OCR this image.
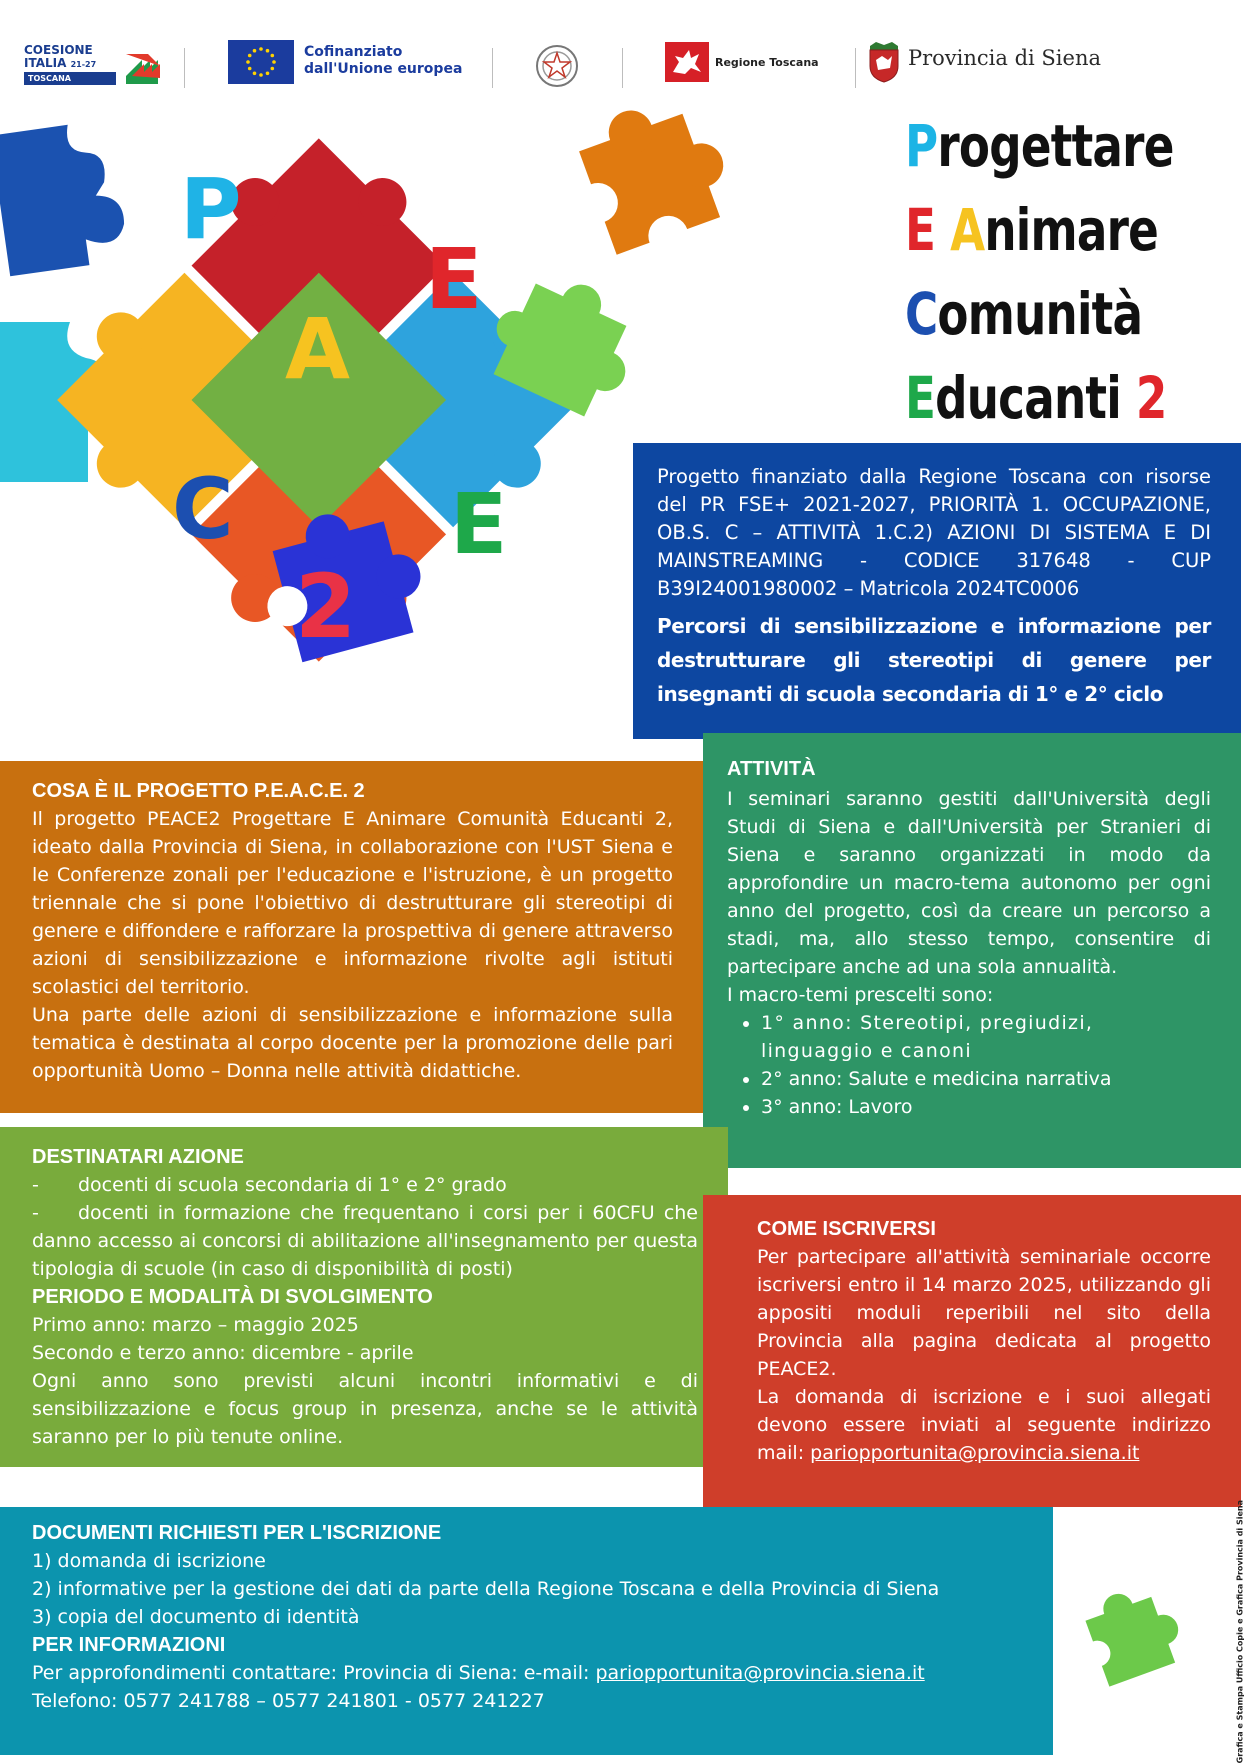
COESIONE
ITALIA 21-27
TOSCANA
Cofinanziato
dall'Unione europea	Regione Toscana	Provincia di Siena
P
E
A
C	E
2
Progettare
E Animare
Comunità
Educanti 2

Progetto finanziato dalla Regione Toscana con risorse del PR FSE+ 2021-2027, PRIORITÀ 1. OCCUPAZIONE, OB.S. C – ATTIVITÀ 1.C.2) AZIONI DI SISTEMA E DI MAINSTREAMING - CODICE 317648 - CUP B39I24001980002 – Matricola 2024TC0006

Percorsi di sensibilizzazione e informazione per destrutturare gli stereotipi di genere per insegnanti di scuola secondaria di 1° e 2° ciclo

ATTIVITÀ

I seminari saranno gestiti dall'Università degli Studi di Siena e dall'Università per Stranieri di Siena e saranno organizzati in modo da approfondire un macro-tema autonomo per ogni anno del progetto, così da creare un percorso a stadi, ma, allo stesso tempo, consentire di partecipare anche ad una sola annualità.

I macro-temi prescelti sono:

• 1° anno: Stereotipi, pregiudizi, linguaggio e canoni
• 2° anno: Salute e medicina narrativa
• 3° anno: Lavoro
COSA È IL PROGETTO P.E.A.C.E. 2

Il progetto PEACE2 Progettare E Animare Comunità Educanti 2, ideato dalla Provincia di Siena, in collaborazione con l'UST Siena e le Conferenze zonali per l'educazione e l'istruzione, è un progetto triennale che si pone l'obiettivo di destrutturare gli stereotipi di genere e diffondere e rafforzare la prospettiva di genere attraverso azioni di sensibilizzazione e informazione rivolte agli istituti scolastici del territorio.

Una parte delle azioni di sensibilizzazione e informazione sulla tematica è destinata al corpo docente per la promozione delle pari opportunità Uomo – Donna nelle attività didattiche.

DESTINATARI AZIONE

- docenti di scuola secondaria di 1° e 2° grado

- docenti in formazione che frequentano i corsi per i 60CFU che danno accesso ai concorsi di abilitazione all'insegnamento per questa tipologia di scuole (in caso di disponibilità di posti)

PERIODO E MODALITÀ DI SVOLGIMENTO

Primo anno: marzo – maggio 2025

Secondo e terzo anno: dicembre - aprile

Ogni anno sono previsti alcuni incontri informativi e di sensibilizzazione e focus group in presenza, anche se le attività saranno per lo più tenute online.

COME ISCRIVERSI

Per partecipare all'attività seminariale occorre iscriversi entro il 14 marzo 2025, utilizzando gli appositi moduli reperibili nel sito della Provincia alla pagina dedicata al progetto PEACE2.

La domanda di iscrizione e i suoi allegati devono essere inviati al seguente indirizzo mail: pariopportunita@provincia.siena.it

DOCUMENTI RICHIESTI PER L'ISCRIZIONE

1) domanda di iscrizione

2) informative per la gestione dei dati da parte della Regione Toscana e della Provincia di Siena

3) copia del documento di identità

PER INFORMAZIONI

Per approfondimenti contattare: Provincia di Siena: e-mail: pariopportunita@provincia.siena.it

Telefono: 0577 241788 – 0577 241801 - 0577 241227	Grafica e Stampa Ufficio Copie e Grafica Provincia di Siena
